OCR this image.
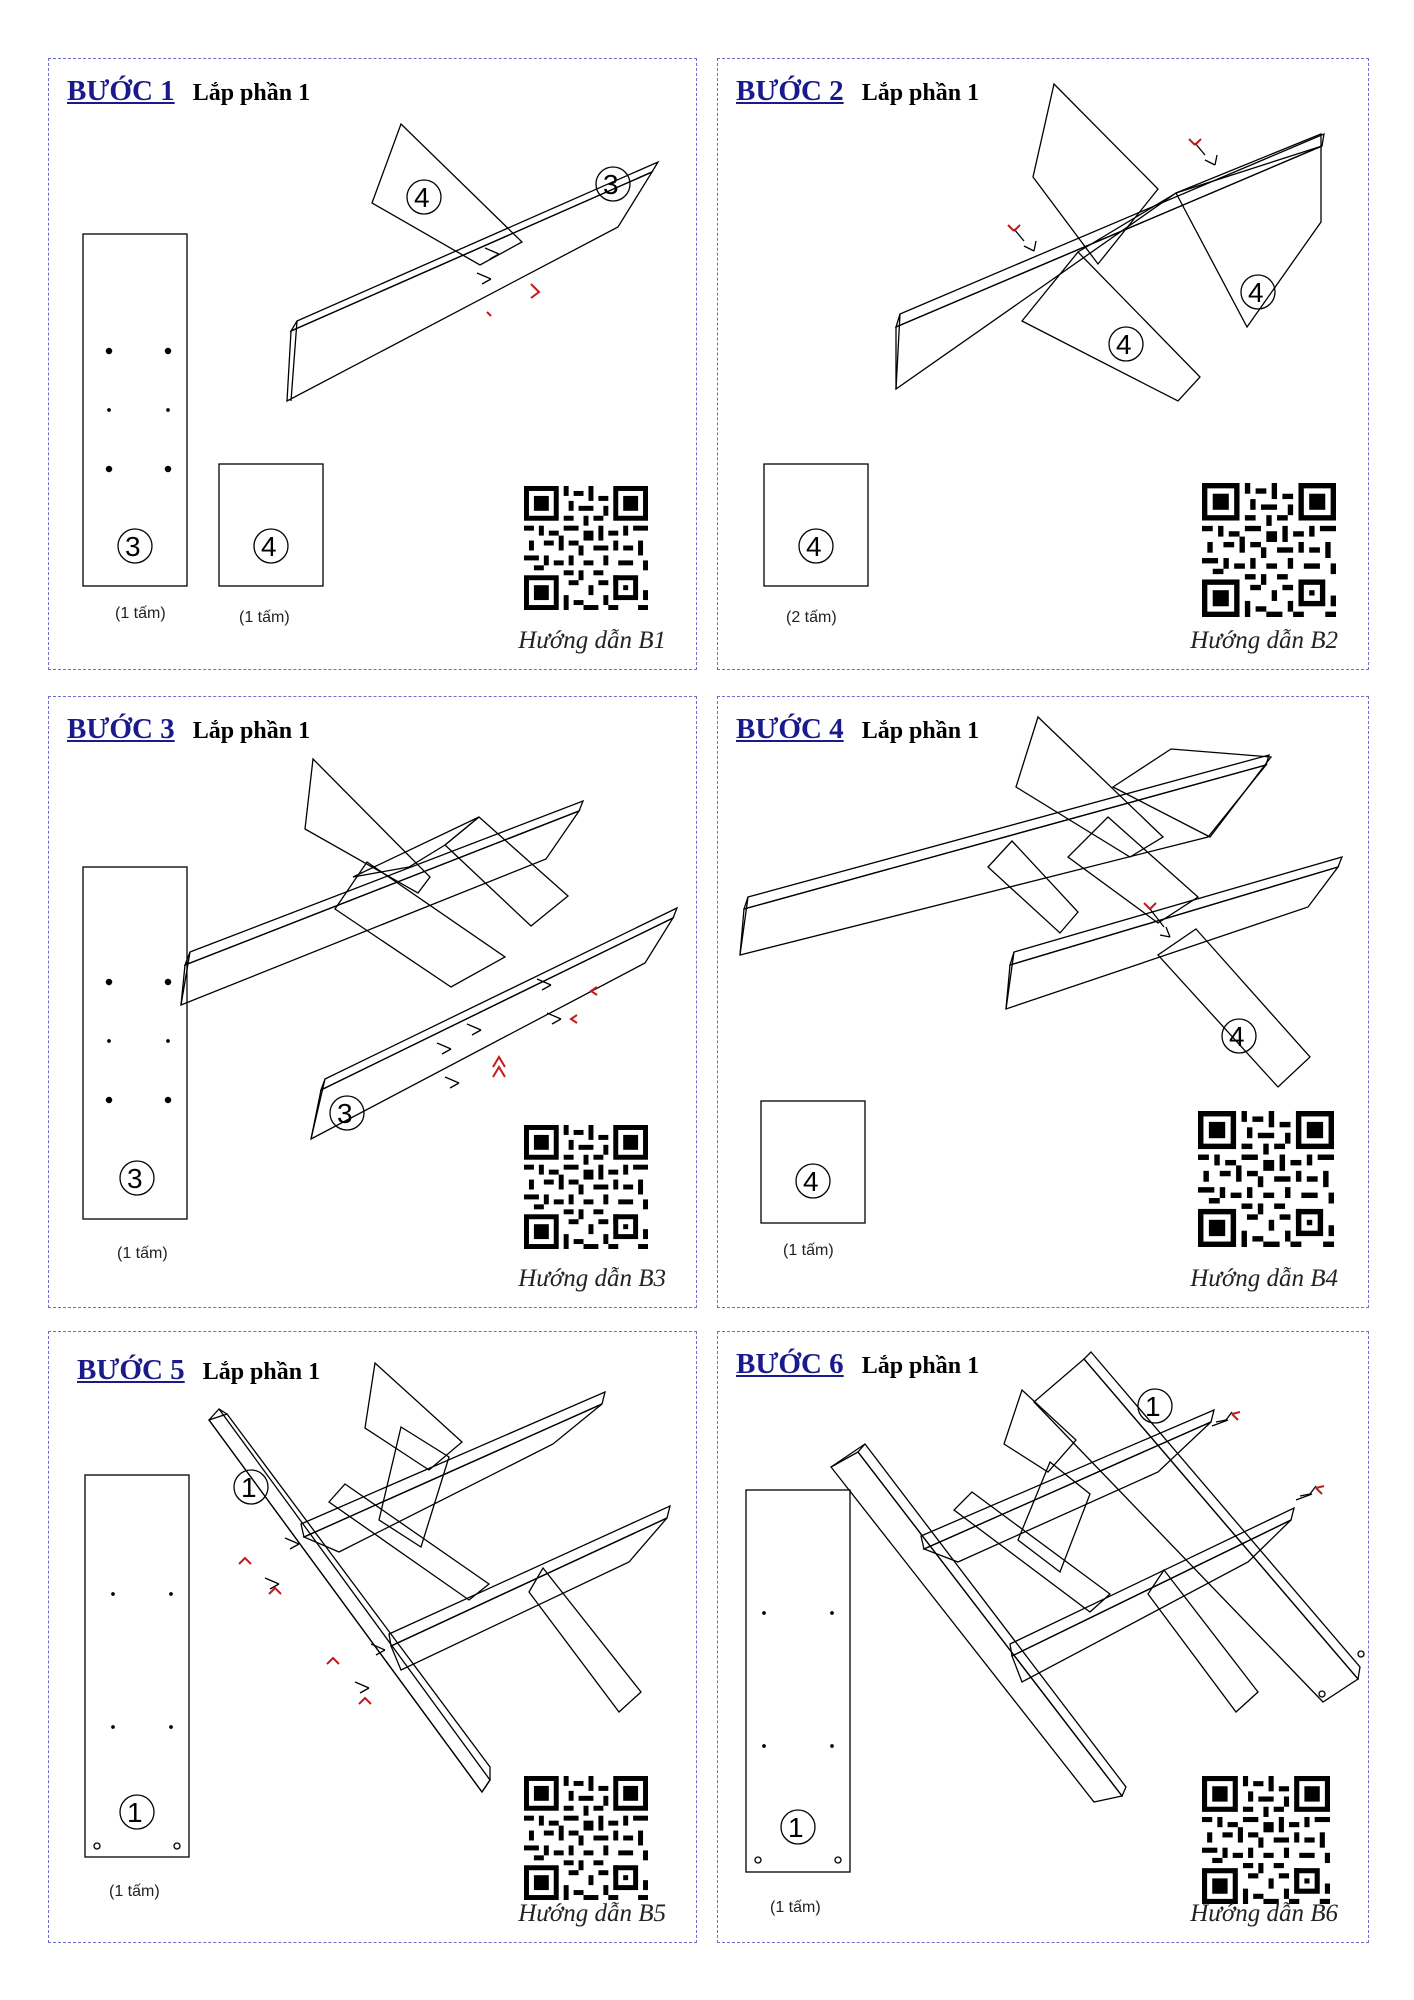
BƯỚC 1 Lắp phần 1
3	4
4	3
(1 tấm)	(1 tấm)
Hướng dẫn B1
BƯỚC 2 Lắp phần 1
4
4
4
(2 tấm)
Hướng dẫn B2
BƯỚC 3 Lắp phần 1
3
3
(1 tấm)
Hướng dẫn B3
BƯỚC 4 Lắp phần 1
4
4
(1 tấm)
Hướng dẫn B4
BƯỚC 5 Lắp phần 1
1
1
(1 tấm)
Hướng dẫn B5
BƯỚC 6 Lắp phần 1
1
1
(1 tấm)	Hướng dẫn B6
